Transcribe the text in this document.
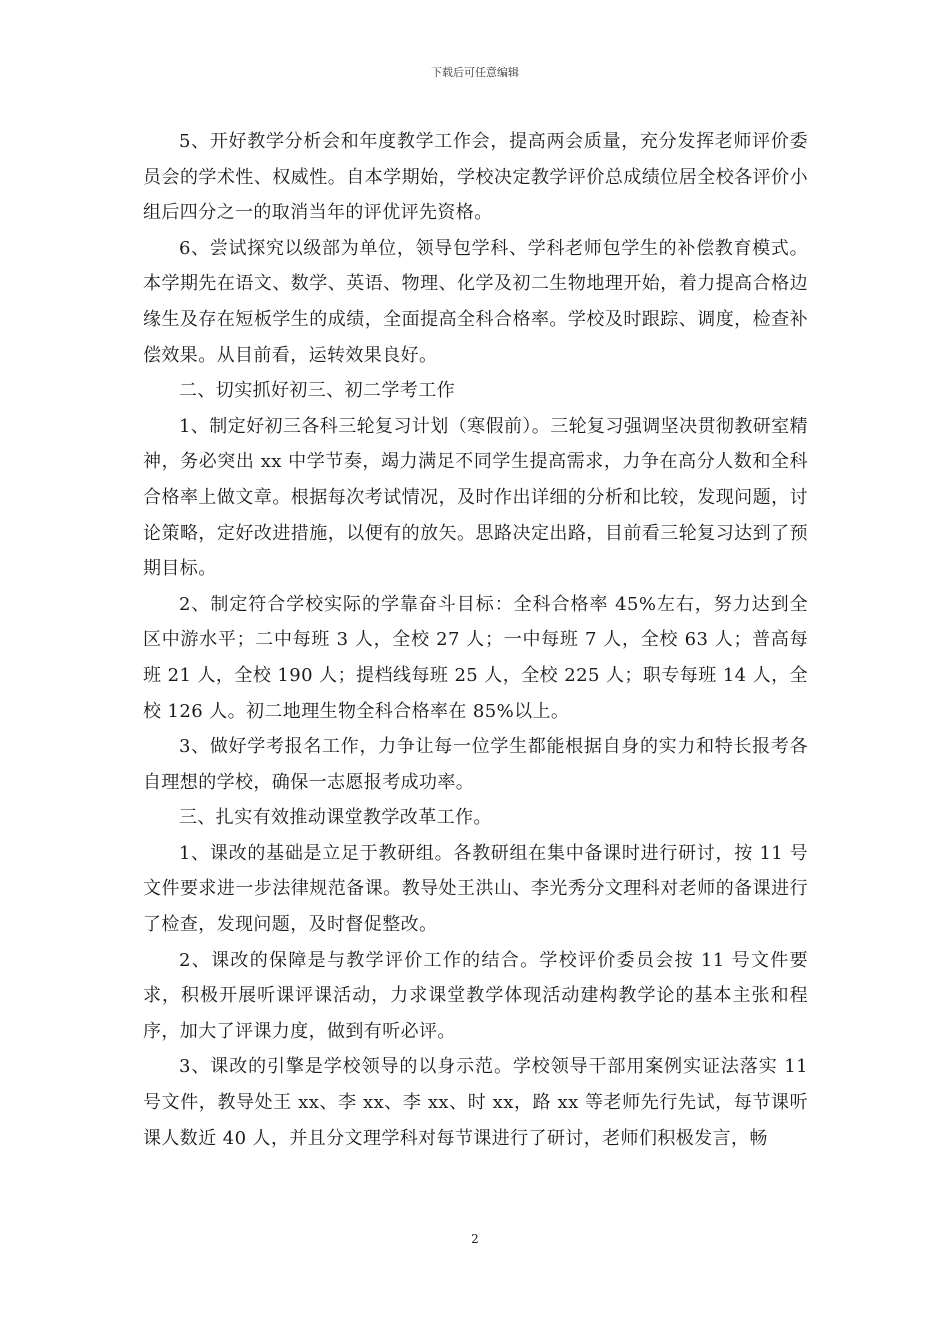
下载后可任意编辑

5、开好教学分析会和年度教学工作会，提高两会质量，充分发挥老师评价委员会的学术性、权威性。自本学期始，学校决定教学评价总成绩位居全校各评价小组后四分之一的取消当年的评优评先资格。

6、尝试探究以级部为单位，领导包学科、学科老师包学生的补偿教育模式。本学期先在语文、数学、英语、物理、化学及初二生物地理开始，着力提高合格边缘生及存在短板学生的成绩，全面提高全科合格率。学校及时跟踪、调度，检查补偿效果。从目前看，运转效果良好。

二、切实抓好初三、初二学考工作

1、制定好初三各科三轮复习计划（寒假前）。三轮复习强调坚决贯彻教研室精神，务必突出 xx 中学节奏，竭力满足不同学生提高需求，力争在高分人数和全科合格率上做文章。根据每次考试情况，及时作出详细的分析和比较，发现问题，讨论策略，定好改进措施，以便有的放矢。思路决定出路，目前看三轮复习达到了预期目标。

2、制定符合学校实际的学靠奋斗目标：全科合格率 45%左右，努力达到全区中游水平；二中每班 3 人，全校 27 人；一中每班 7 人，全校 63 人；普高每班 21 人，全校 190 人；提档线每班 25 人，全校 225 人；职专每班 14 人，全校 126 人。初二地理生物全科合格率在 85%以上。

3、做好学考报名工作，力争让每一位学生都能根据自身的实力和特长报考各自理想的学校，确保一志愿报考成功率。

三、扎实有效推动课堂教学改革工作。

1、课改的基础是立足于教研组。各教研组在集中备课时进行研讨，按 11 号文件要求进一步法律规范备课。教导处王洪山、李光秀分文理科对老师的备课进行了检查，发现问题，及时督促整改。

2、课改的保障是与教学评价工作的结合。学校评价委员会按 11 号文件要求，积极开展听课评课活动，力求课堂教学体现活动建构教学论的基本主张和程序，加大了评课力度，做到有听必评。

3、课改的引擎是学校领导的以身示范。学校领导干部用案例实证法落实 11 号文件，教导处王 xx、李 xx、李 xx、时 xx，路 xx 等老师先行先试，每节课听课人数近 40 人，并且分文理学科对每节课进行了研讨，老师们积极发言，畅

2
